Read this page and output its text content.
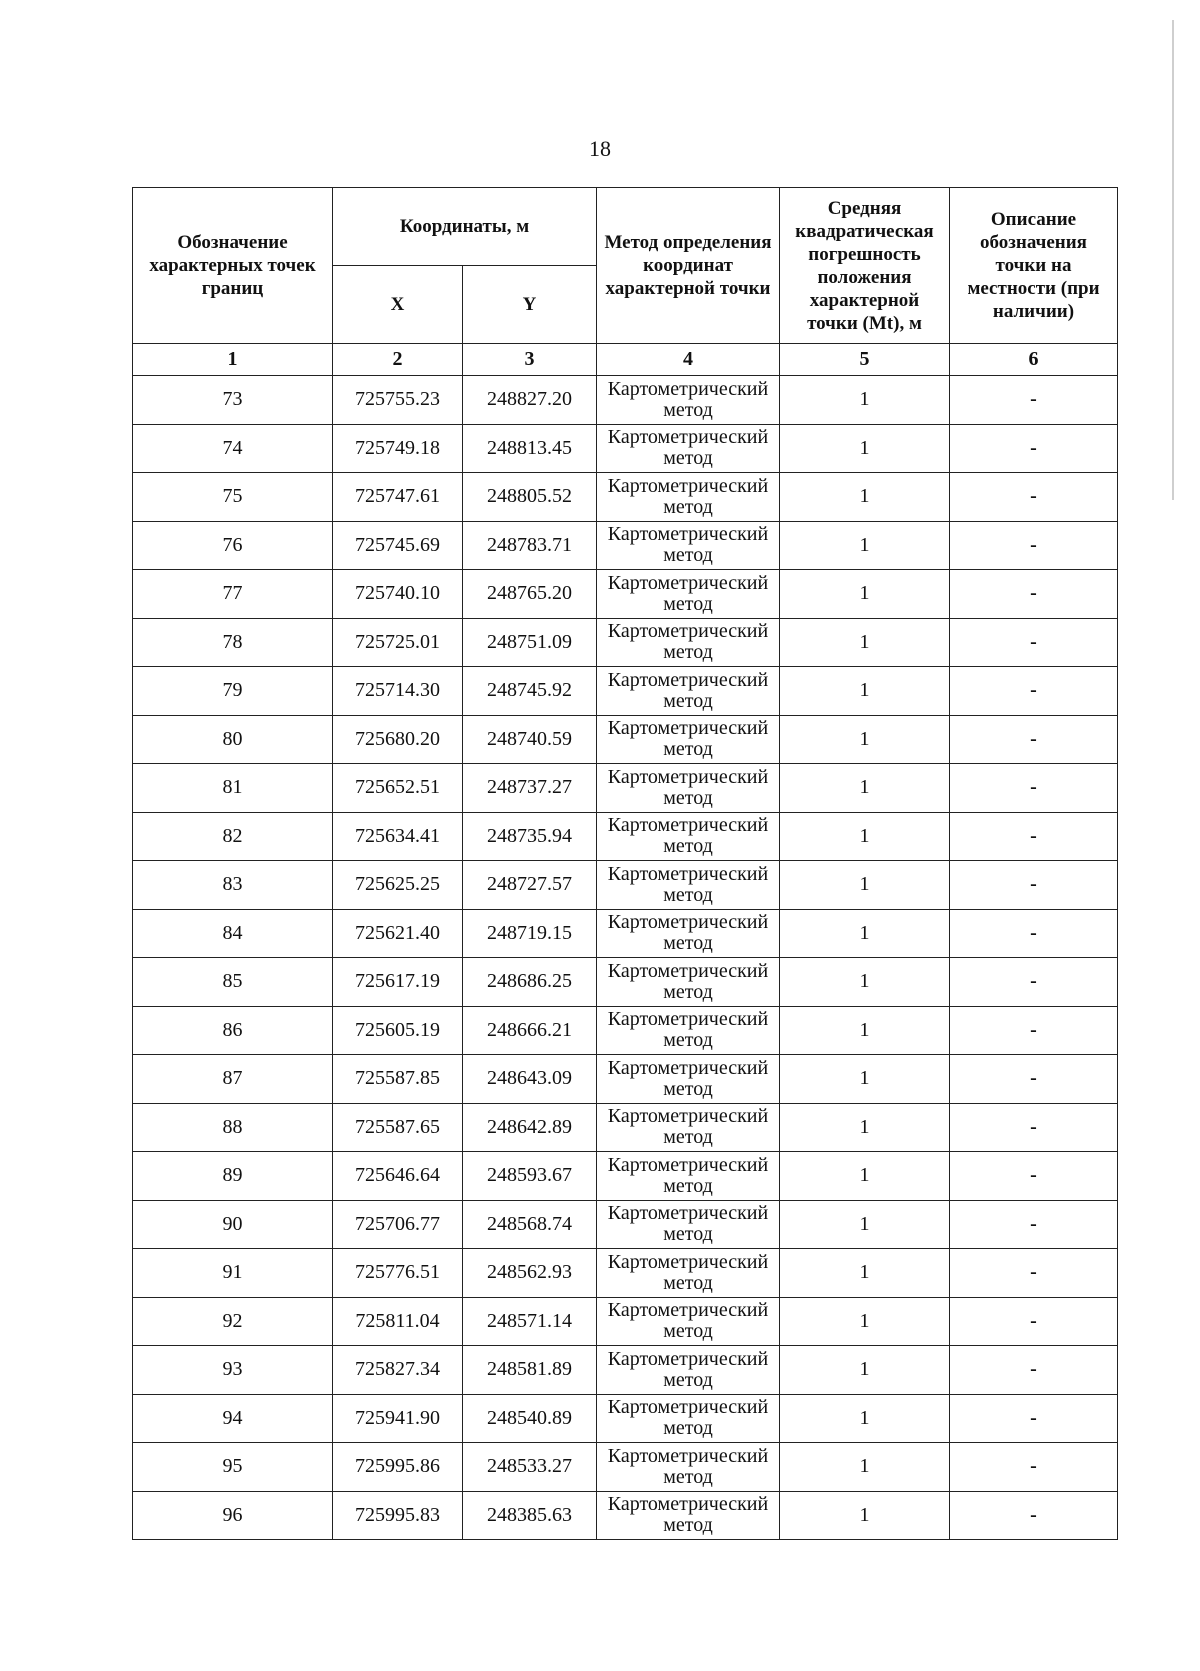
18
Обозначение характерных точек границ	Координаты, м		Метод определения координат характерной точки	Средняя квадратическая погрешность положения характерной точки (Mt), м	Описание обозначения точки на местности (при наличии)
	X	Y			
1	2	3	4	5	6
73	725755.23	248827.20	Картометрический метод	1	-
74	725749.18	248813.45	Картометрический метод	1	-
75	725747.61	248805.52	Картометрический метод	1	-
76	725745.69	248783.71	Картометрический метод	1	-
77	725740.10	248765.20	Картометрический метод	1	-
78	725725.01	248751.09	Картометрический метод	1	-
79	725714.30	248745.92	Картометрический метод	1	-
80	725680.20	248740.59	Картометрический метод	1	-
81	725652.51	248737.27	Картометрический метод	1	-
82	725634.41	248735.94	Картометрический метод	1	-
83	725625.25	248727.57	Картометрический метод	1	-
84	725621.40	248719.15	Картометрический метод	1	-
85	725617.19	248686.25	Картометрический метод	1	-
86	725605.19	248666.21	Картометрический метод	1	-
87	725587.85	248643.09	Картометрический метод	1	-
88	725587.65	248642.89	Картометрический метод	1	-
89	725646.64	248593.67	Картометрический метод	1	-
90	725706.77	248568.74	Картометрический метод	1	-
91	725776.51	248562.93	Картометрический метод	1	-
92	725811.04	248571.14	Картометрический метод	1	-
93	725827.34	248581.89	Картометрический метод	1	-
94	725941.90	248540.89	Картометрический метод	1	-
95	725995.86	248533.27	Картометрический метод	1	-
96	725995.83	248385.63	Картометрический метод	1	-
